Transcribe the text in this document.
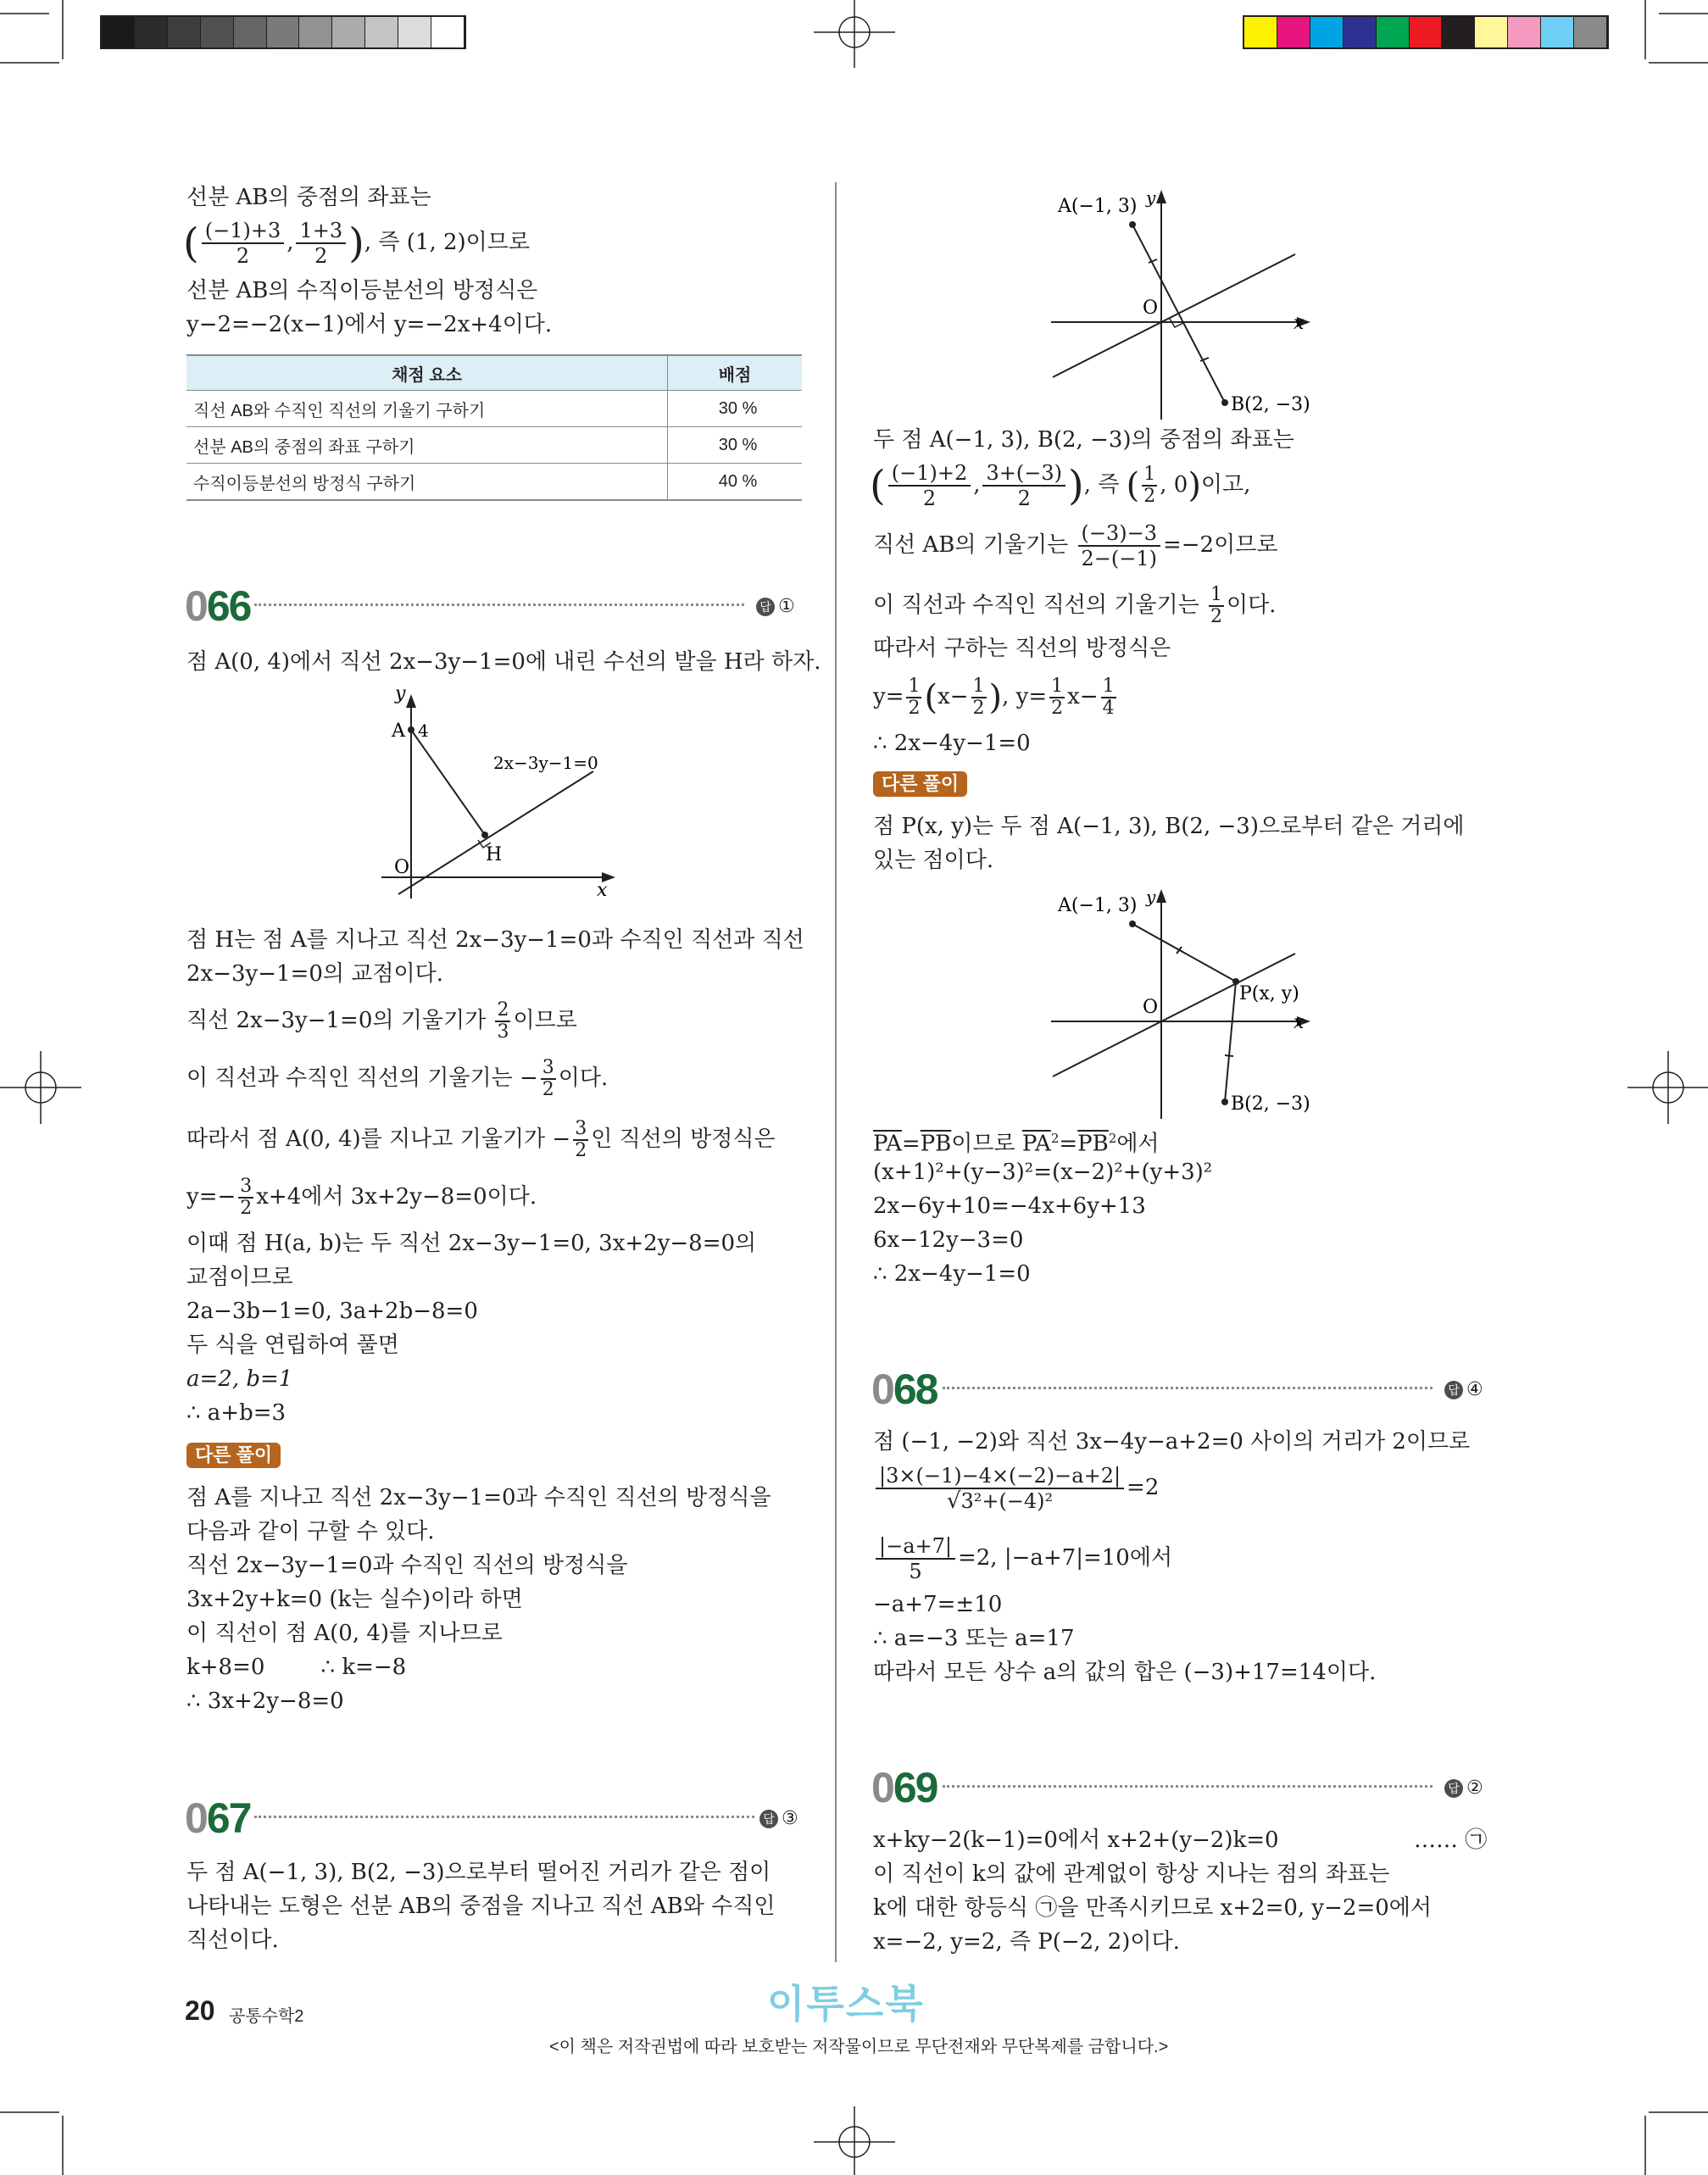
선분 AB의 중점의 좌표는
( $\frac{(-1)+3}{2}$ , $\frac{1+3}{2}$ ), 즉 (1, 2)이므로
선분 AB의 수직이등분선의 방정식은
y−2=−2(x−1)에서 y=−2x+4이다.
채점 요소	배점
직선 AB와 수직인 직선의 기울기 구하기	30 %
선분 AB의 중점의 좌표 구하기	30 %
수직이등분선의 방정식 구하기	40 %
066	답 ①
점 A(0, 4)에서 직선 2x−3y−1=0에 내린 수선의 발을 H라 하자.
y
A 4
2x−3y−1=0
H
O
x
점 H는 점 A를 지나고 직선 2x−3y−1=0과 수직인 직선과 직선
2x−3y−1=0의 교점이다.
직선 2x−3y−1=0의 기울기가 $\frac{2}{3}$ 이므로
이 직선과 수직인 직선의 기울기는 − $\frac{3}{2}$ 이다.
따라서 점 A(0, 4)를 지나고 기울기가 − $\frac{3}{2}$ 인 직선의 방정식은
$y=- \frac{3}{2} x+4$에서 3x+2y−8=0이다.
이때 점 H(a, b)는 두 직선 2x−3y−1=0, 3x+2y−8=0의
교점이므로
2a−3b−1=0, 3a+2b−8=0
두 식을 연립하여 풀면
a=2, b=1
∴ a+b=3
다른 풀이
점 A를 지나고 직선 2x−3y−1=0과 수직인 직선의 방정식을
다음과 같이 구할 수 있다.
직선 2x−3y−1=0과 수직인 직선의 방정식을
3x+2y+k=0 (k는 실수)이라 하면
이 직선이 점 A(0, 4)를 지나므로
k+8=0        ∴ k=−8
∴ 3x+2y−8=0
067	답 ③
두 점 A(−1, 3), B(2, −3)으로부터 떨어진 거리가 같은 점이
나타내는 도형은 선분 AB의 중점을 지나고 직선 AB와 수직인
직선이다.
A(−1, 3) y
O
x
B(2, −3)
두 점 A(−1, 3), B(2, −3)의 중점의 좌표는
( $\frac{(-1)+2}{2}$ , $\frac{3+(-3)}{2}$ ), 즉 ( $\frac{1}{2}$ , 0)이고,
직선 AB의 기울기는 $\frac{(-3)-3}{2-(-1)} =-2$이므로
이 직선과 수직인 직선의 기울기는 $\frac{1}{2}$ 이다.
따라서 구하는 직선의 방정식은
$y= \frac{1}{2} (x- \frac{1}{2}$ ), $y= \frac{1}{2} x- \frac{1}{4}$
∴ 2x−4y−1=0
다른 풀이
점 P(x, y)는 두 점 A(−1, 3), B(2, −3)으로부터 같은 거리에
있는 점이다.
A(−1, 3) y
O
P(x, y)
x
B(2, −3)
$\overline{PA}=\overline{PB}$이므로 $\overline{PA}^2=\overline{PB}^2$에서
(x+1)²+(y−3)²=(x−2)²+(y+3)²
2x−6y+10=−4x+6y+13
6x−12y−3=0
∴ 2x−4y−1=0
068	답 ④
점 (−1, −2)와 직선 3x−4y−a+2=0 사이의 거리가 2이므로
$\frac{|3\times(-1)-4\times(-2)-a+2|}{\text{√3²+(−4)²}} =2$
$\frac{|-a+7|}{5} =2$, |−a+7|=10에서
−a+7=±10
∴ a=−3 또는 a=17
따라서 모든 상수 a의 값의 합은 (−3)+17=14이다.
069	답 ②
x+ky−2(k−1)=0에서 x+2+(y−2)k=0	…… ㉠
이 직선이 k의 값에 관계없이 항상 지나는 점의 좌표는
k에 대한 항등식 ㉠을 만족시키므로 x+2=0, y−2=0에서
x=−2, y=2, 즉 P(−2, 2)이다.
20 공통수학2	이투스북
<이 책은 저작권법에 따라 보호받는 저작물이므로 무단전재와 무단복제를 금합니다.>
